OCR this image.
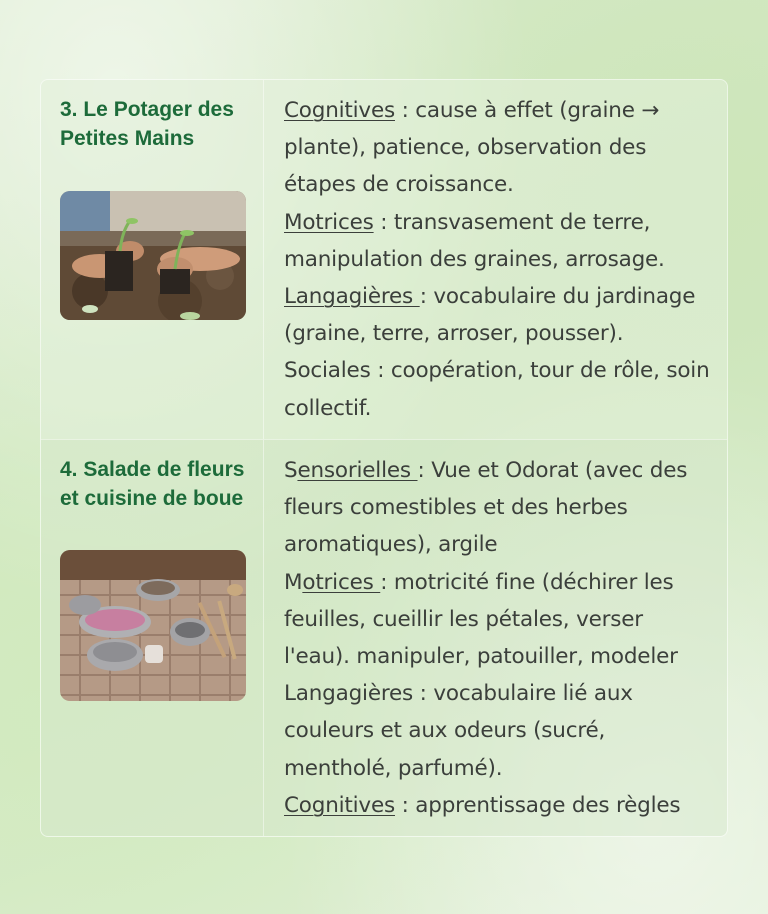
3. Le Potager des Petites Mains

Cognitives : cause à effet (graine → plante), patience, observation des étapes de croissance.

Motrices : transvasement de terre, manipulation des graines, arrosage.

Langagières : vocabulaire du jardinage (graine, terre, arroser, pousser).

Sociales : coopération, tour de rôle, soin collectif.

4. Salade de fleurs et cuisine de boue

Sensorielles : Vue et Odorat (avec des fleurs comestibles et des herbes aromatiques), argile

Motrices : motricité fine (déchirer les feuilles, cueillir les pétales, verser l'eau). manipuler, patouiller, modeler

Langagières : vocabulaire lié aux couleurs et aux odeurs (sucré, mentholé, parfumé).

Cognitives : apprentissage des règles
